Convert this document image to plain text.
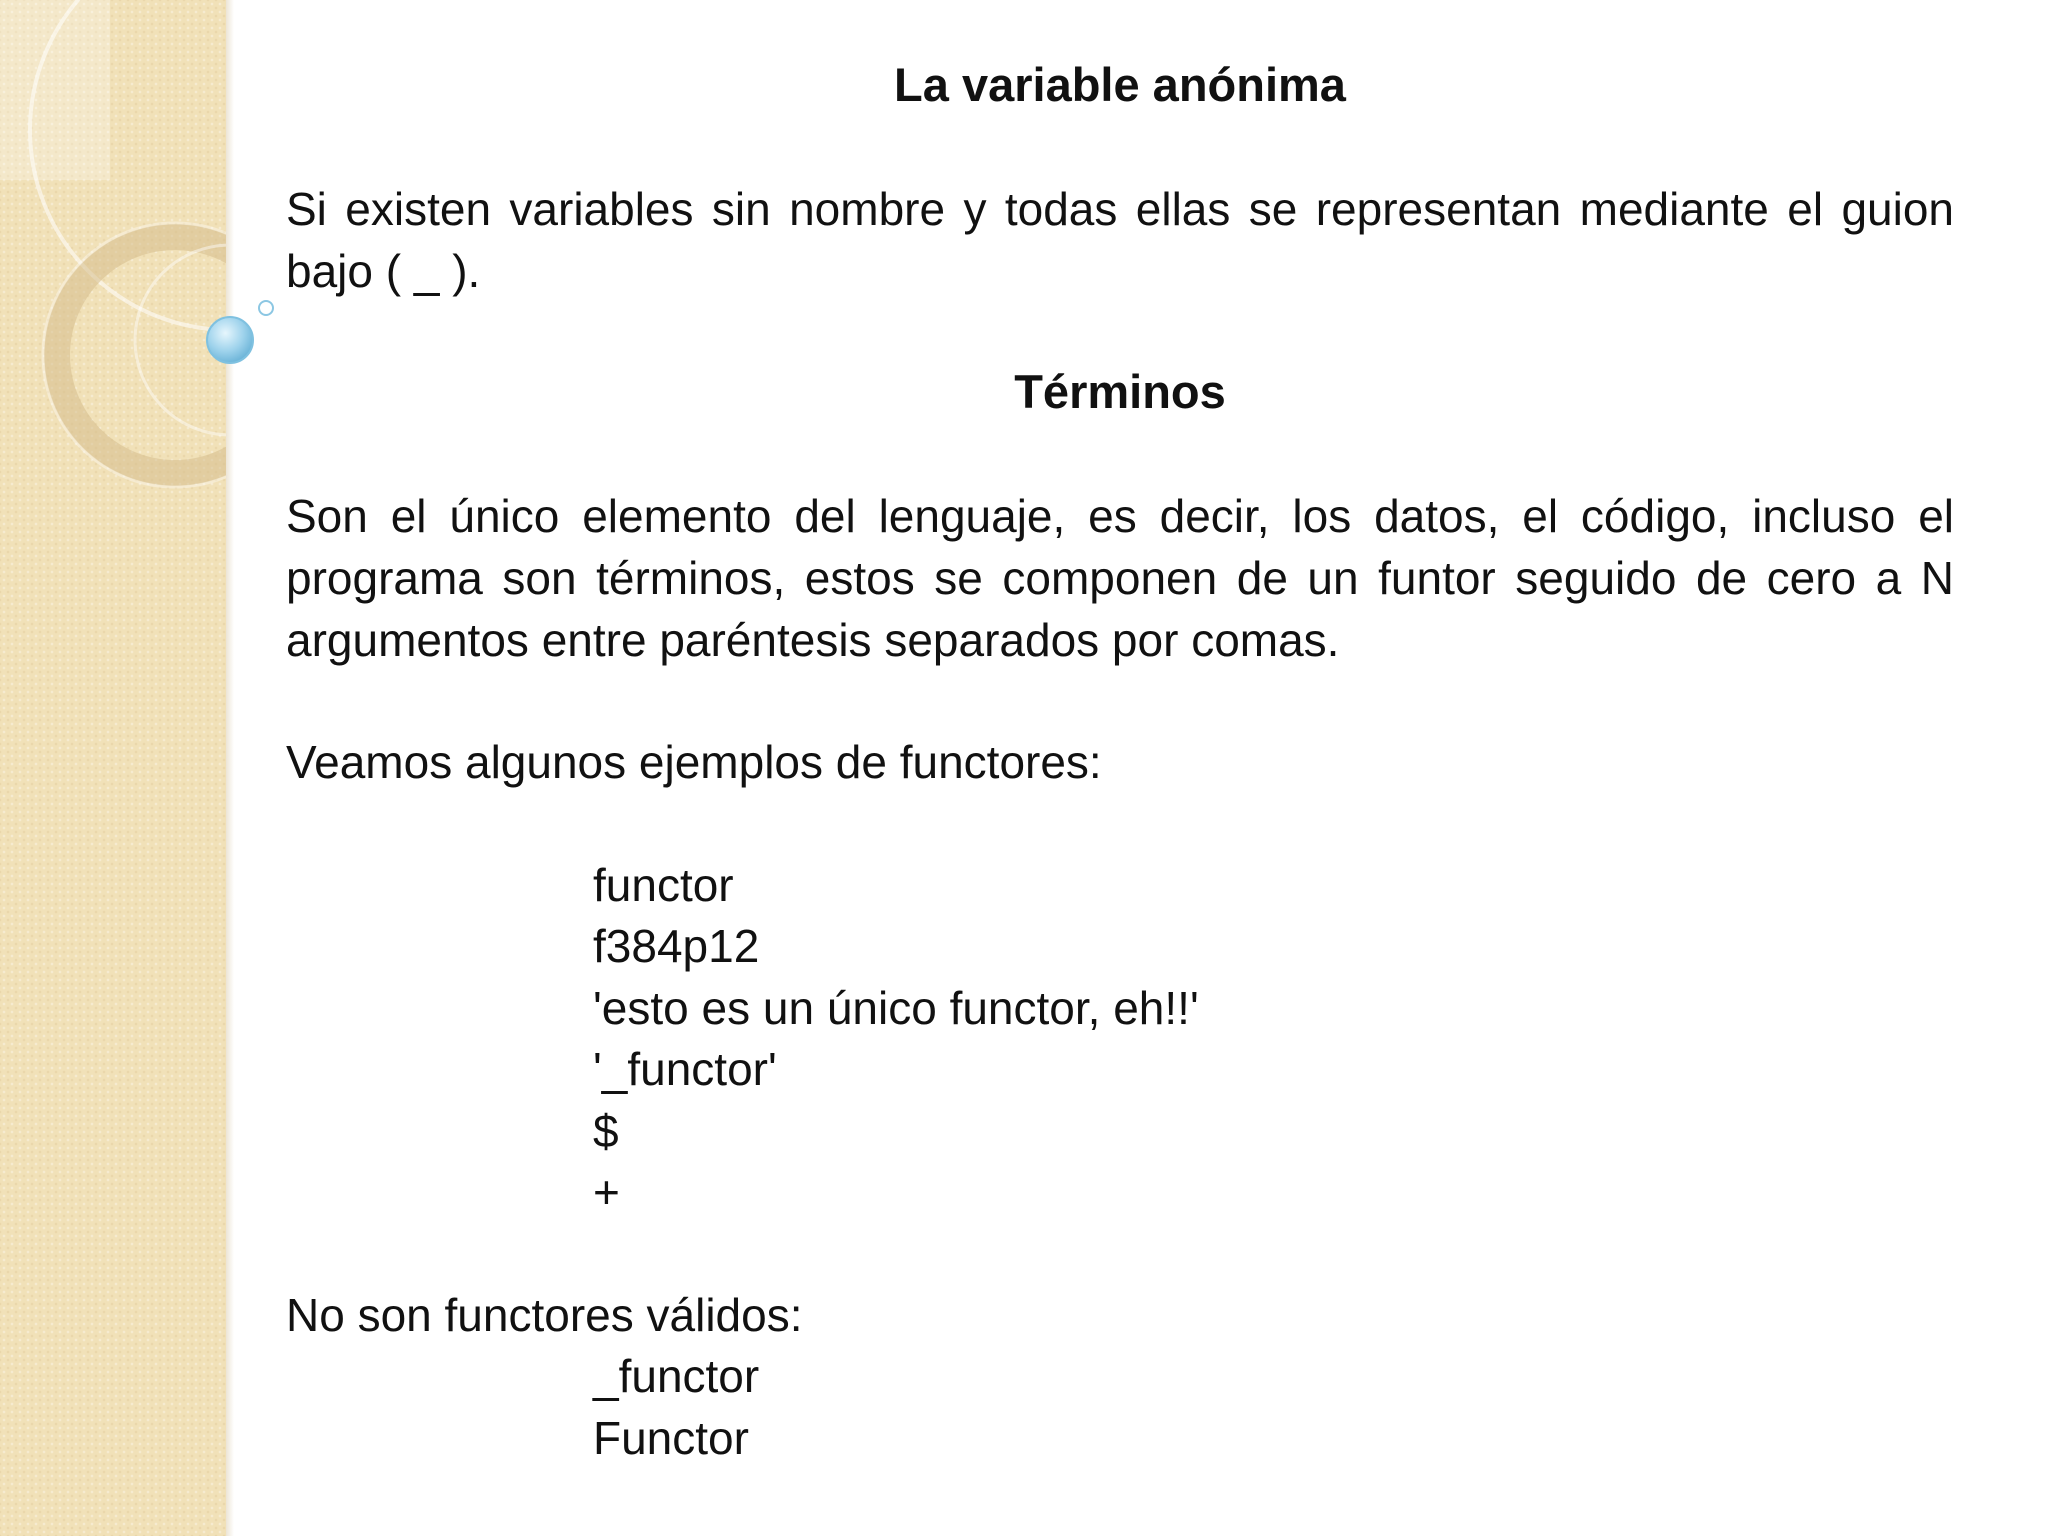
La variable anónima
Si existen variables sin nombre y todas ellas se representan mediante el guion bajo ( _ ).
Términos
Son el único elemento del lenguaje, es decir, los datos, el código, incluso el programa son términos, estos se componen de un funtor seguido de cero a N argumentos entre paréntesis separados por comas.
Veamos algunos ejemplos de functores:
functor
f384p12
'esto es un único functor, eh!!'
'_functor'
$
+
No son functores válidos:
_functor
Functor
